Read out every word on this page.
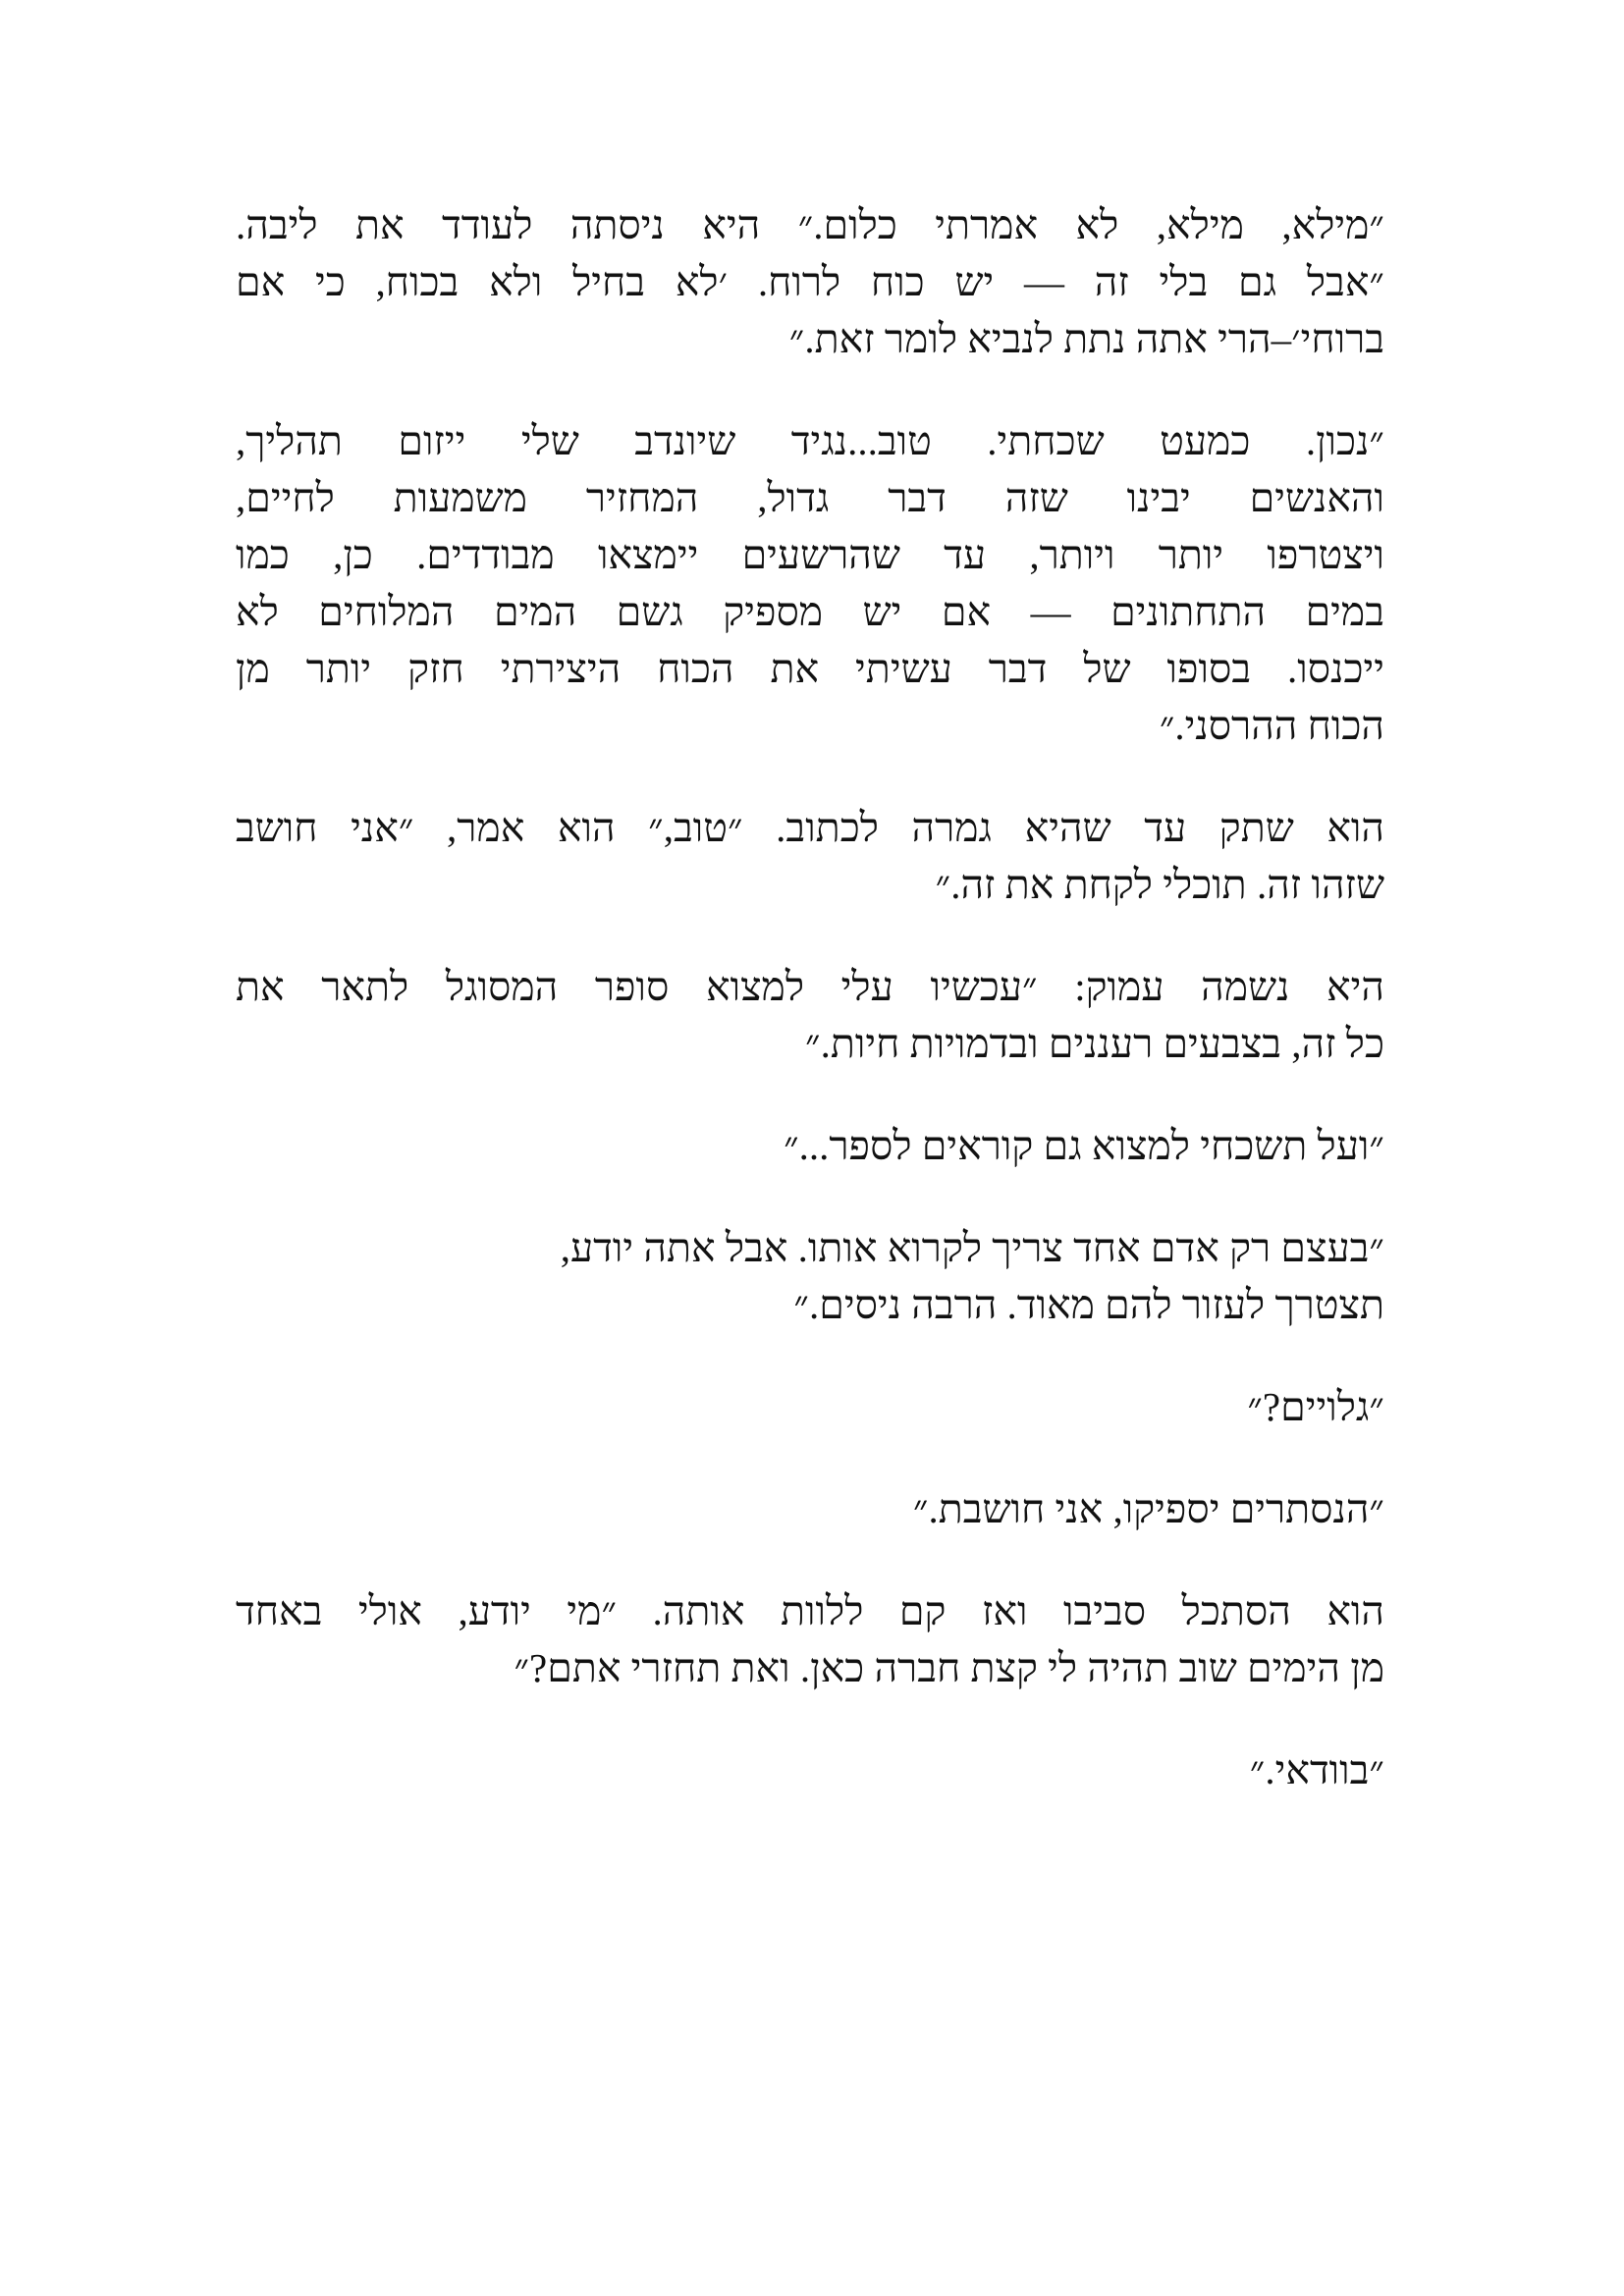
״מילא, מילא, לא אמרתי כלום.״ היא ניסתה לעודד את ליבה.
״אבל גם בלי זה — יש כוח לרוח. ׳לא בחיל ולא בכוח, כי אם
ברוחי׳–הרי אתה נתת לנביא לומר זאת.״
״נכון. כמעט שכחתי. טוב...נגיד שיונדב שלי ייזום תהליך,
והאנשים יבינו שזה דבר גדול, המחזיר משמעות לחיים,
ויצטרפו יותר ויותר, עד שהרשעים יימצאו מבודדים. כן, כמו
במים התחתונים — אם יש מספיק גשם המים המלוחים לא
ייכנסו. בסופו של דבר עשיתי את הכוח היצירתי חזק יותר מן
הכוח ההרסני.״
הוא שתק עד שהיא גמרה לכתוב. ״טוב,״ הוא אמר, ״אני חושב
שזהו זה. תוכלי לקחת את זה.״
היא נשמה עמוק: ״עכשיו עלי למצוא סופר המסוגל לתאר את
כל זה, בצבעים רעננים ובדמויות חיות.״
״ועל תשכחי למצוא גם קוראים לספר...״
״בעצם רק אדם אחד צריך לקרוא אותו. אבל אתה יודע,
תצטרך לעזור להם מאוד. הרבה ניסים.״
״גלויים?״
״הנסתרים יספיקו, אני חושבת.״
הוא הסתכל סביבו ואז קם ללוות אותה. ״מי יודע, אולי באחד
מן הימים שוב תהיה לי קצת חברה כאן. ואת תחזרי אתם?״
״בוודאי.״
